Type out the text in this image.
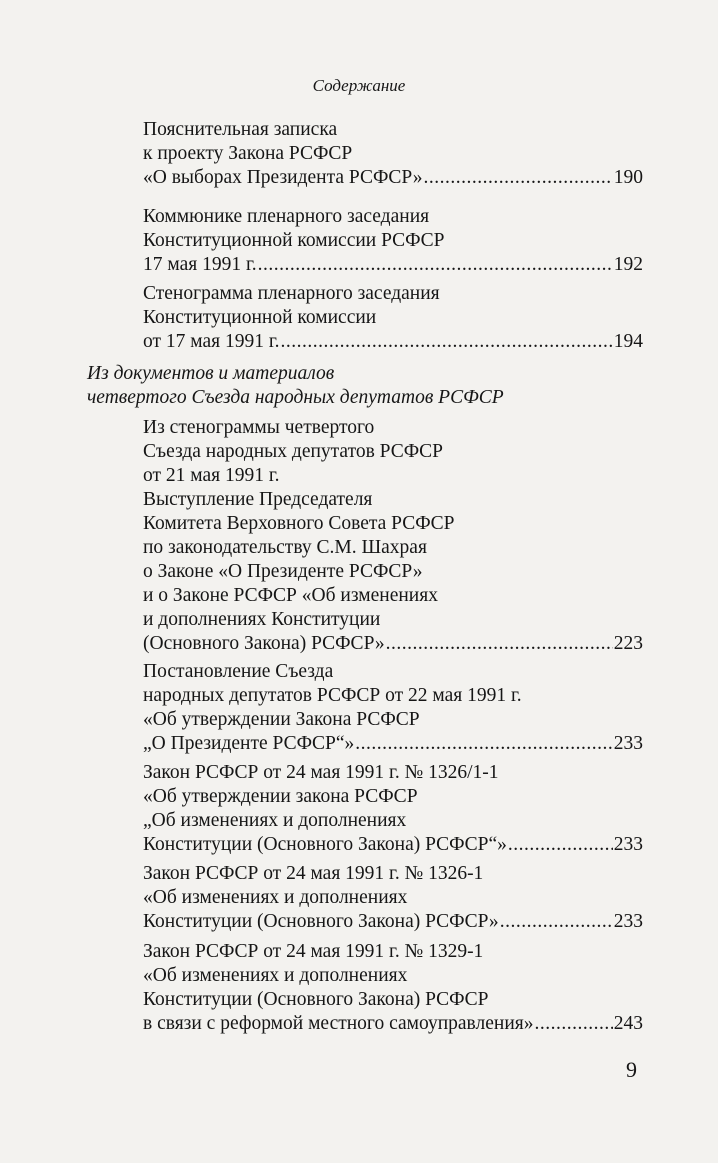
Содержание
Пояснительная записка
к проекту Закона РСФСР
«О выборах Президента РСФСР» .....	190
Коммюнике пленарного заседания
Конституционной комиссии РСФСР
17 мая 1991 г. .....	192
Стенограмма пленарного заседания
Конституционной комиссии
от 17 мая 1991 г. .....	194
Из документов и материалов
четвертого Съезда народных депутатов РСФСР
Из стенограммы четвертого
Съезда народных депутатов РСФСР
от 21 мая 1991 г.
Выступление Председателя
Комитета Верховного Совета РСФСР
по законодательству С.М. Шахрая
о Законе «О Президенте РСФСР»
и о Законе РСФСР «Об изменениях
и дополнениях Конституции
(Основного Закона) РСФСР» .....	223
Постановление Съезда
народных депутатов РСФСР от 22 мая 1991 г.
«Об утверждении Закона РСФСР
„О Президенте РСФСР“» .....	233
Закон РСФСР от 24 мая 1991 г. № 1326/1-1
«Об утверждении закона РСФСР
„Об изменениях и дополнениях
Конституции (Основного Закона) РСФСР“» .....	233
Закон РСФСР от 24 мая 1991 г. № 1326-1
«Об изменениях и дополнениях
Конституции (Основного Закона) РСФСР» .....	233
Закон РСФСР от 24 мая 1991 г. № 1329-1
«Об изменениях и дополнениях
Конституции (Основного Закона) РСФСР
в связи с реформой местного самоуправления» .....	243
9
